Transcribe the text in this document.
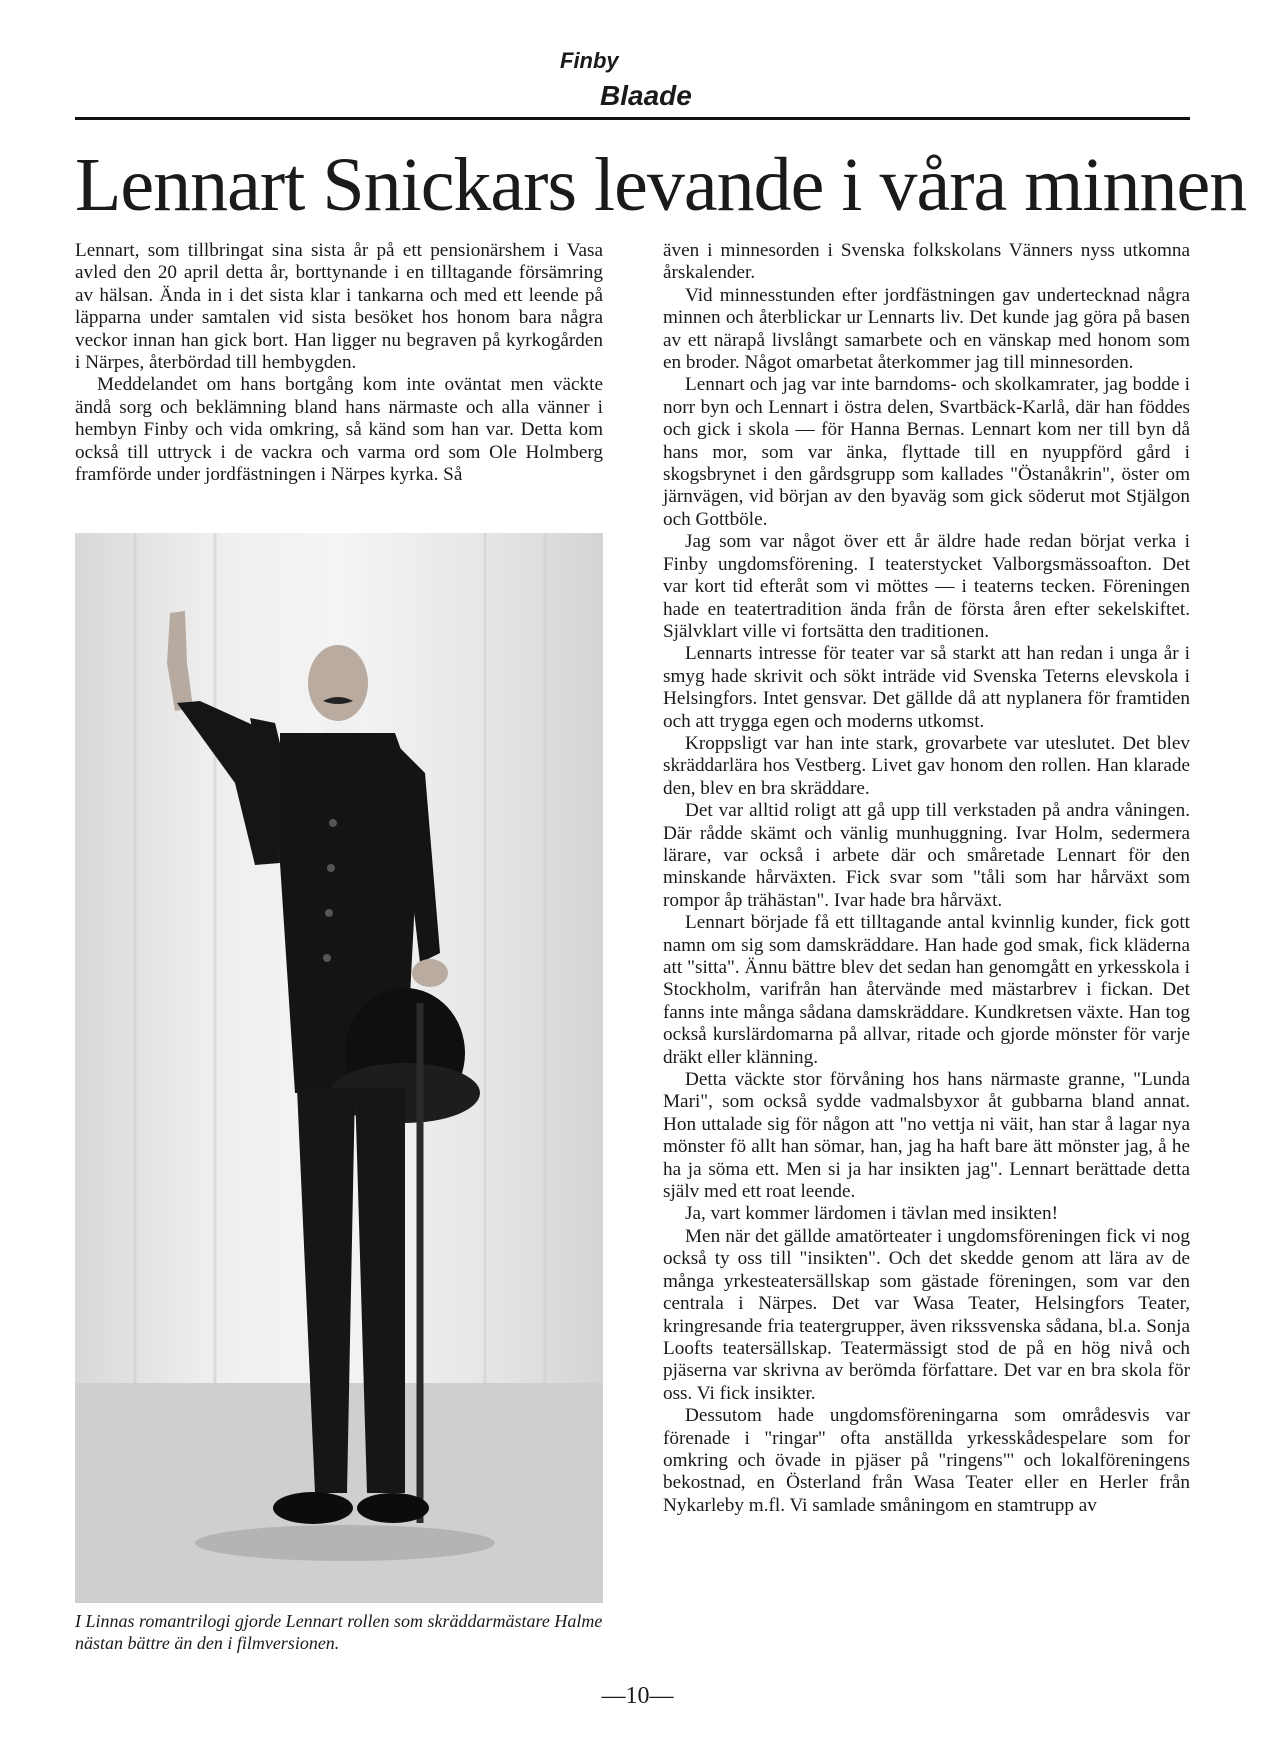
Finby
Blaade
Lennart Snickars levande i våra minnen

Lennart, som tillbringat sina sista år på ett pensionärshem i Vasa avled den 20 april detta år, borttynande i en tilltagande försämring av hälsan. Ända in i det sista klar i tankarna och med ett leende på läpparna under samtalen vid sista besöket hos honom bara några veckor innan han gick bort. Han ligger nu begraven på kyrkogården i Närpes, återbördad till hembygden.

Meddelandet om hans bortgång kom inte oväntat men väckte ändå sorg och beklämning bland hans närmaste och alla vänner i hembyn Finby och vida omkring, så känd som han var. Detta kom också till uttryck i de vackra och varma ord som Ole Holmberg framförde under jordfästningen i Närpes kyrka. Så

I Linnas romantrilogi gjorde Lennart rollen som skräddarmästare Halme nästan bättre än den i filmversionen.

även i minnesorden i Svenska folkskolans Vänners nyss utkomna årskalender.

Vid minnesstunden efter jordfästningen gav undertecknad några minnen och återblickar ur Lennarts liv. Det kunde jag göra på basen av ett närapå livslångt samarbete och en vänskap med honom som en broder. Något omarbetat återkommer jag till minnesorden.

Lennart och jag var inte barndoms- och skolkamrater, jag bodde i norr byn och Lennart i östra delen, Svartbäck-Karlå, där han föddes och gick i skola — för Hanna Bernas. Lennart kom ner till byn då hans mor, som var änka, flyttade till en nyuppförd gård i skogsbrynet i den gårdsgrupp som kallades "Östanåkrin", öster om järnvägen, vid början av den byaväg som gick söderut mot Stjälgon och Gottböle.

Jag som var något över ett år äldre hade redan börjat verka i Finby ungdomsförening. I teaterstycket Valborgsmässoafton. Det var kort tid efteråt som vi möttes — i teaterns tecken. Föreningen hade en teatertradition ända från de första åren efter sekelskiftet. Självklart ville vi fortsätta den traditionen.

Lennarts intresse för teater var så starkt att han redan i unga år i smyg hade skrivit och sökt inträde vid Svenska Teterns elevskola i Helsingfors. Intet gensvar. Det gällde då att nyplanera för framtiden och att trygga egen och moderns utkomst.

Kroppsligt var han inte stark, grovarbete var uteslutet. Det blev skräddarlära hos Vestberg. Livet gav honom den rollen. Han klarade den, blev en bra skräddare.

Det var alltid roligt att gå upp till verkstaden på andra våningen. Där rådde skämt och vänlig munhuggning. Ivar Holm, sedermera lärare, var också i arbete där och småretade Lennart för den minskande hårväxten. Fick svar som "tåli som har hårväxt som rompor åp trähästan". Ivar hade bra hårväxt.

Lennart började få ett tilltagande antal kvinnlig kunder, fick gott namn om sig som damskräddare. Han hade god smak, fick kläderna att "sitta". Ännu bättre blev det sedan han genomgått en yrkesskola i Stockholm, varifrån han återvände med mästarbrev i fickan. Det fanns inte många sådana damskräddare. Kundkretsen växte. Han tog också kurslärdomarna på allvar, ritade och gjorde mönster för varje dräkt eller klänning.

Detta väckte stor förvåning hos hans närmaste granne, "Lunda Mari", som också sydde vadmalsbyxor åt gubbarna bland annat. Hon uttalade sig för någon att "no vettja ni väit, han star å lagar nya mönster fö allt han sömar, han, jag ha haft bare ätt mönster jag, å he ha ja söma ett. Men si ja har insikten jag". Lennart berättade detta själv med ett roat leende.

Ja, vart kommer lärdomen i tävlan med insikten!

Men när det gällde amatörteater i ungdomsföreningen fick vi nog också ty oss till "insikten". Och det skedde genom att lära av de många yrkesteatersällskap som gästade föreningen, som var den centrala i Närpes. Det var Wasa Teater, Helsingfors Teater, kringresande fria teatergrupper, även rikssvenska sådana, bl.a. Sonja Loofts teatersällskap. Teatermässigt stod de på en hög nivå och pjäserna var skrivna av berömda författare. Det var en bra skola för oss. Vi fick insikter.

Dessutom hade ungdomsföreningarna som områdesvis var förenade i "ringar" ofta anställda yrkesskådespelare som for omkring och övade in pjäser på "ringens"' och lokalföreningens bekostnad, en Österland från Wasa Teater eller en Herler från Nykarleby m.fl. Vi samlade småningom en stamtrupp av

—10—
